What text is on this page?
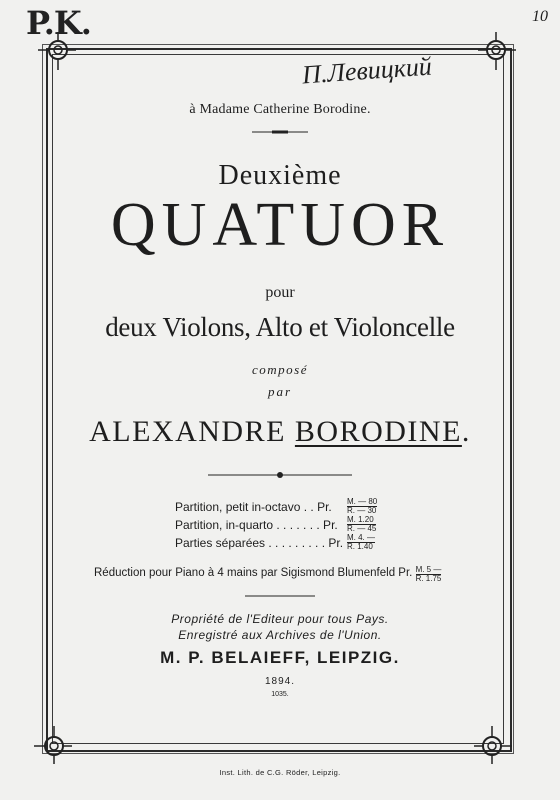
P.K.	10
П.Левицкий
à Madame Catherine Borodine.
Deuxième
QUATUOR
pour
deux Violons, Alto et Violoncelle
composé
par
ALEXANDRE BORODINE.
Partition, petit in-octavo . . Pr. $\frac{M. — 80}{R. — 30}$
Partition, in-quarto . . . . . . . Pr. $\frac{M. 1.20}{R. — 45}$
Parties séparées . . . . . . . . . Pr. $\frac{M. 4. —}{R. 1.40}$
Réduction pour Piano à 4 mains par Sigismond Blumenfeld Pr. $\frac{M. 5 —}{R. 1.75}$
Propriété de l'Editeur pour tous Pays.
Enregistré aux Archives de l'Union.
M. P. BELAIEFF, LEIPZIG.
1894.
1035.
Inst. Lith. de C.G. Röder, Leipzig.
